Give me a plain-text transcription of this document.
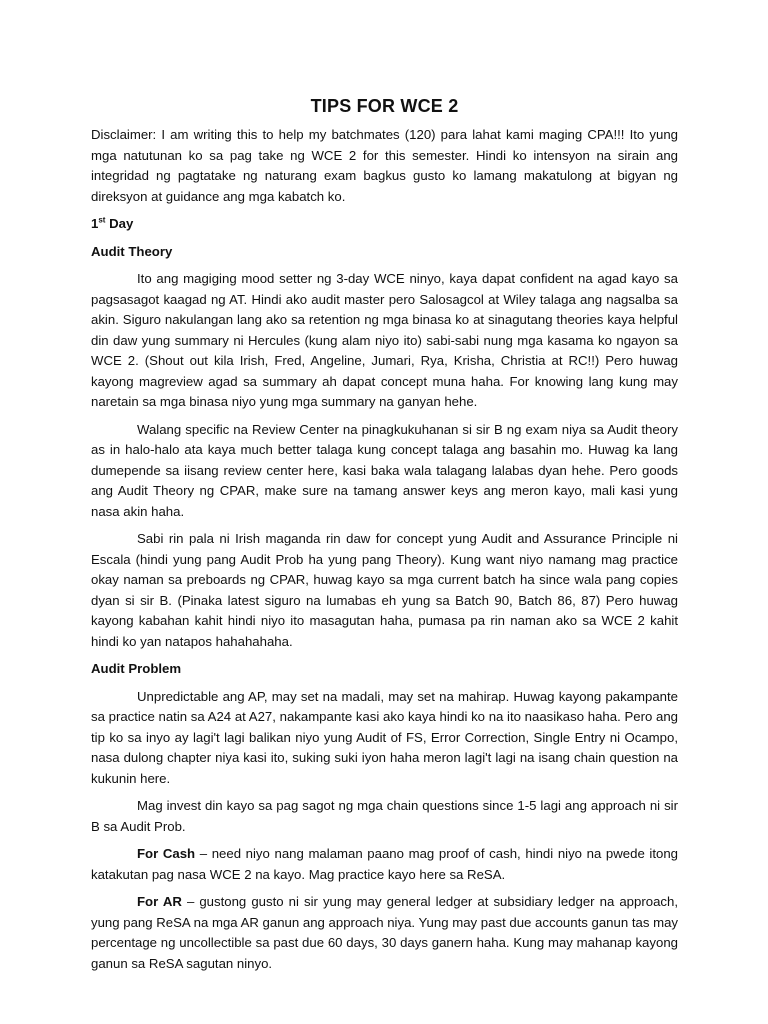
TIPS FOR WCE 2

Disclaimer: I am writing this to help my batchmates (120) para lahat kami maging CPA!!! Ito yung mga natutunan ko sa pag take ng WCE 2 for this semester. Hindi ko intensyon na sirain ang integridad ng pagtatake ng naturang exam bagkus gusto ko lamang makatulong at bigyan ng direksyon at guidance ang mga kabatch ko.

1st Day
Audit Theory

Ito ang magiging mood setter ng 3-day WCE ninyo, kaya dapat confident na agad kayo sa pagsasagot kaagad ng AT. Hindi ako audit master pero Salosagcol at Wiley talaga ang nagsalba sa akin. Siguro nakulangan lang ako sa retention ng mga binasa ko at sinagutang theories kaya helpful din daw yung summary ni Hercules (kung alam niyo ito) sabi-sabi nung mga kasama ko ngayon sa WCE 2. (Shout out kila Irish, Fred, Angeline, Jumari, Rya, Krisha, Christia at RC!!) Pero huwag kayong magreview agad sa summary ah dapat concept muna haha. For knowing lang kung may naretain sa mga binasa niyo yung mga summary na ganyan hehe.

Walang specific na Review Center na pinagkukuhanan si sir B ng exam niya sa Audit theory as in halo-halo ata kaya much better talaga kung concept talaga ang basahin mo. Huwag ka lang dumepende sa iisang review center here, kasi baka wala talagang lalabas dyan hehe. Pero goods ang Audit Theory ng CPAR, make sure na tamang answer keys ang meron kayo, mali kasi yung nasa akin haha.

Sabi rin pala ni Irish maganda rin daw for concept yung Audit and Assurance Principle ni Escala (hindi yung pang Audit Prob ha yung pang Theory). Kung want niyo namang mag practice okay naman sa preboards ng CPAR, huwag kayo sa mga current batch ha since wala pang copies dyan si sir B. (Pinaka latest siguro na lumabas eh yung sa Batch 90, Batch 86, 87) Pero huwag kayong kabahan kahit hindi niyo ito masagutan haha, pumasa pa rin naman ako sa WCE 2 kahit hindi ko yan natapos hahahahaha.

Audit Problem

Unpredictable ang AP, may set na madali, may set na mahirap. Huwag kayong pakampante sa practice natin sa A24 at A27, nakampante kasi ako kaya hindi ko na ito naasikaso haha. Pero ang tip ko sa inyo ay lagi't lagi balikan niyo yung Audit of FS, Error Correction, Single Entry ni Ocampo, nasa dulong chapter niya kasi ito, suking suki iyon haha meron lagi't lagi na isang chain question na kukunin here.

Mag invest din kayo sa pag sagot ng mga chain questions since 1-5 lagi ang approach ni sir B sa Audit Prob.

For Cash – need niyo nang malaman paano mag proof of cash, hindi niyo na pwede itong katakutan pag nasa WCE 2 na kayo. Mag practice kayo here sa ReSA.

For AR – gustong gusto ni sir yung may general ledger at subsidiary ledger na approach, yung pang ReSA na mga AR ganun ang approach niya. Yung may past due accounts ganun tas may percentage ng uncollectible sa past due 60 days, 30 days ganern haha. Kung may mahanap kayong ganun sa ReSA sagutan ninyo.
